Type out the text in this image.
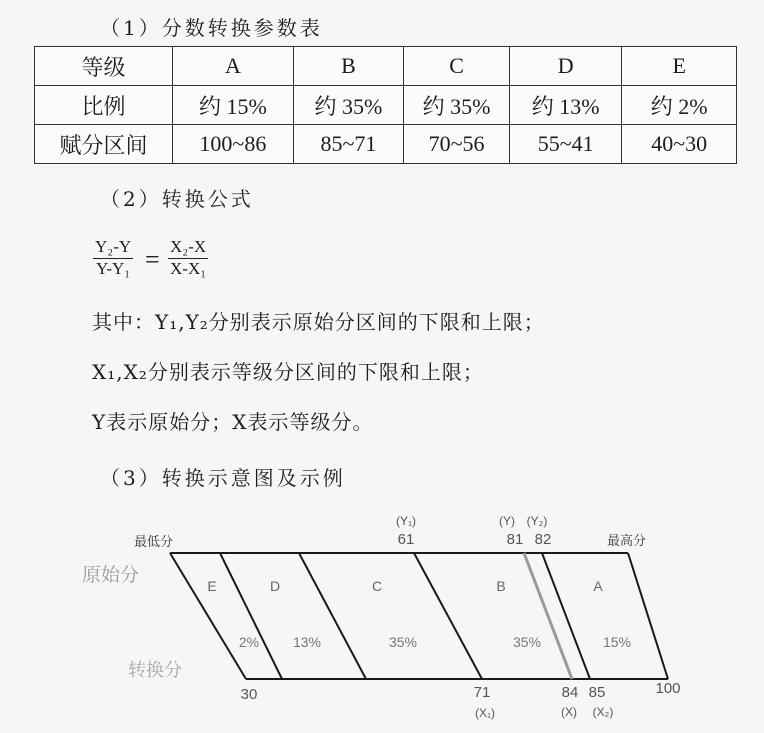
（1）分数转换参数表
等级	A	B	C	D	E
比例	约 15%	约 35%	约 35%	约 13%	约 2%
赋分区间	100~86	85~71	70~56	55~41	40~30
（2）转换公式
$\frac{\text{Y₂-Y}}{\text{Y-Y₁}} = \frac{\text{X₂-X}}{\text{X-X₁}}$
其中：Y₁,Y₂分别表示原始分区间的下限和上限；
X₁,X₂分别表示等级分区间的下限和上限；
Y表示原始分；X表示等级分。
（3）转换示意图及示例
原始分
转换分
最低分	最高分
E	D	C	B	A
2% 13%	35%	35%	15%
(Y₁)	(Y) (Y₂)
61	81 82
30	71	84 85	100
(X₁)	(X) (X₂)
